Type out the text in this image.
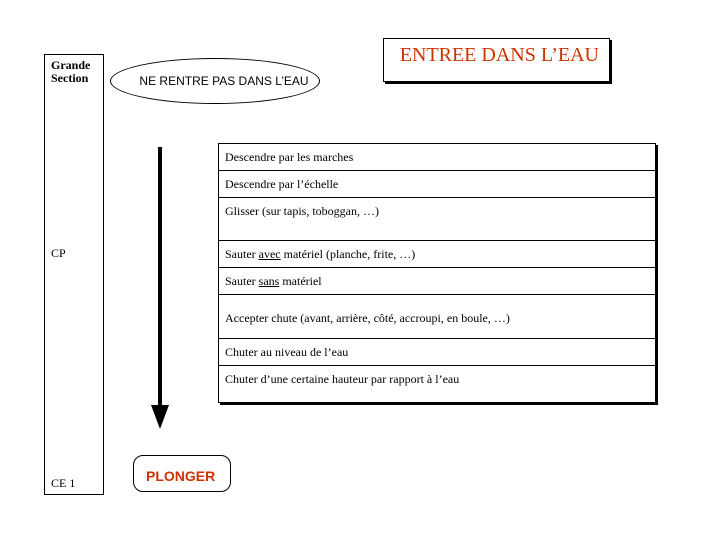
Grande
Section
CP
CE 1
ENTREE DANS L’EAU
NE RENTRE PAS DANS L’EAU
Descendre par les marches
Descendre par l’échelle
Glisser (sur tapis, toboggan, …)
Sauter avec matériel (planche, frite, …)
Sauter sans matériel
Accepter chute (avant, arrière, côté, accroupi, en boule, …)
Chuter au niveau de l’eau
Chuter d’une certaine hauteur par rapport à l’eau
PLONGER
